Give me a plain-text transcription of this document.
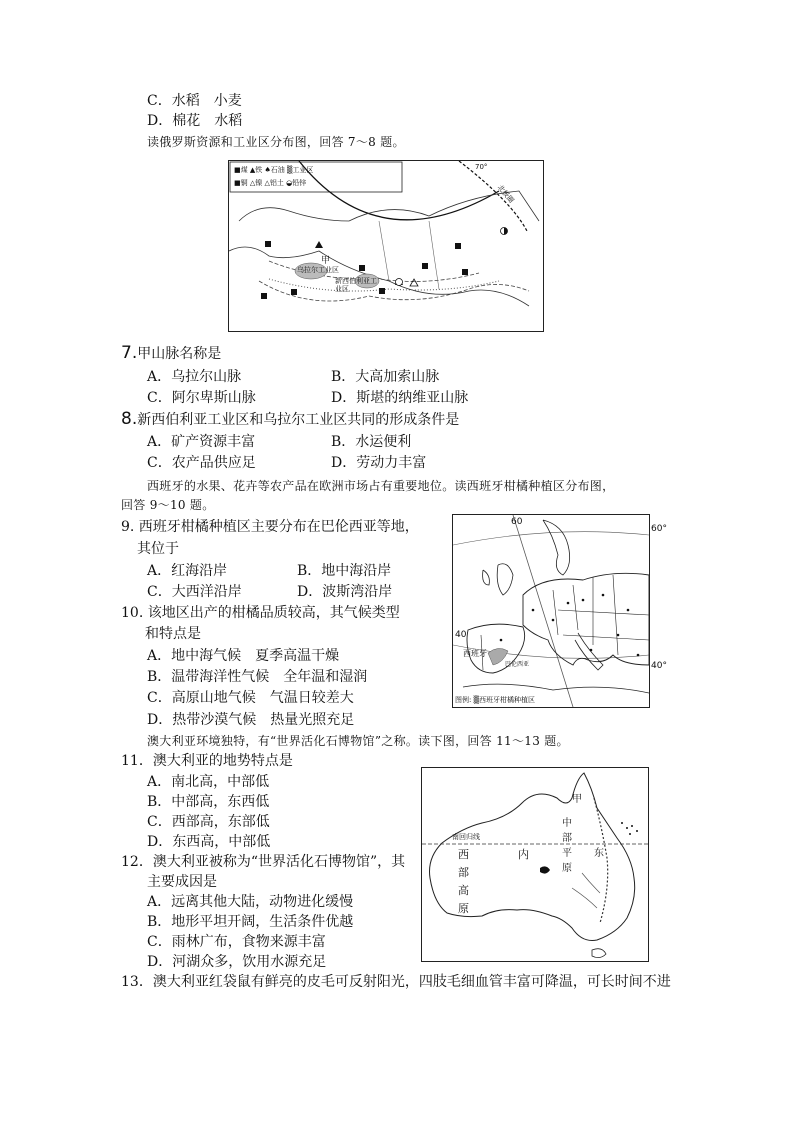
C．水稻　小麦
D．棉花　水稻
读俄罗斯资源和工业区分布图，回答 7～8 题。
■煤 ▲铁 ♠石油 ▒工业区
■铜 △镍 △铝土 ◒铅锌
70°
北极圈
甲
乌拉尔工业区
新西伯利亚工业区
7.甲山脉名称是
A．乌拉尔山脉	B．大高加索山脉
C．阿尔卑斯山脉	D．斯堪的纳维亚山脉
8.新西伯利亚工业区和乌拉尔工业区共同的形成条件是
A．矿产资源丰富	B．水运便利
C．农产品供应足	D．劳动力丰富
西班牙的水果、花卉等农产品在欧洲市场占有重要地位。读西班牙柑橘种植区分布图，
回答 9～10 题。
9. 西班牙柑橘种植区主要分布在巴伦西亚等地，
其位于
A．红海沿岸	B．地中海沿岸
C．大西洋沿岸	D．波斯湾沿岸
10. 该地区出产的柑橘品质较高，其气候类型
和特点是
A．地中海气候　夏季高温干燥
B．温带海洋性气候　全年温和湿润
C．高原山地气候　气温日较差大
D．热带沙漠气候　热量光照充足
60
40
西班牙
巴伦西亚
图例: ▒西班牙柑橘种植区
60°
40°
澳大利亚环境独特，有“世界活化石博物馆”之称。读下图，回答 11～13 题。
11．澳大利亚的地势特点是
A．南北高，中部低
B．中部高，东西低
C．西部高，东部低
D．东西高，中部低
12．澳大利亚被称为“世界活化石博物馆”，其
主要成因是
A．远离其他大陆，动物进化缓慢
B．地形平坦开阔，生活条件优越
C．雨林广布，食物来源丰富
D．河湖众多，饮用水源充足
南回归线
西 部 高 原
内
中 部 平 原
甲
东
13．澳大利亚红袋鼠有鲜亮的皮毛可反射阳光，四肢毛细血管丰富可降温，可长时间不进
